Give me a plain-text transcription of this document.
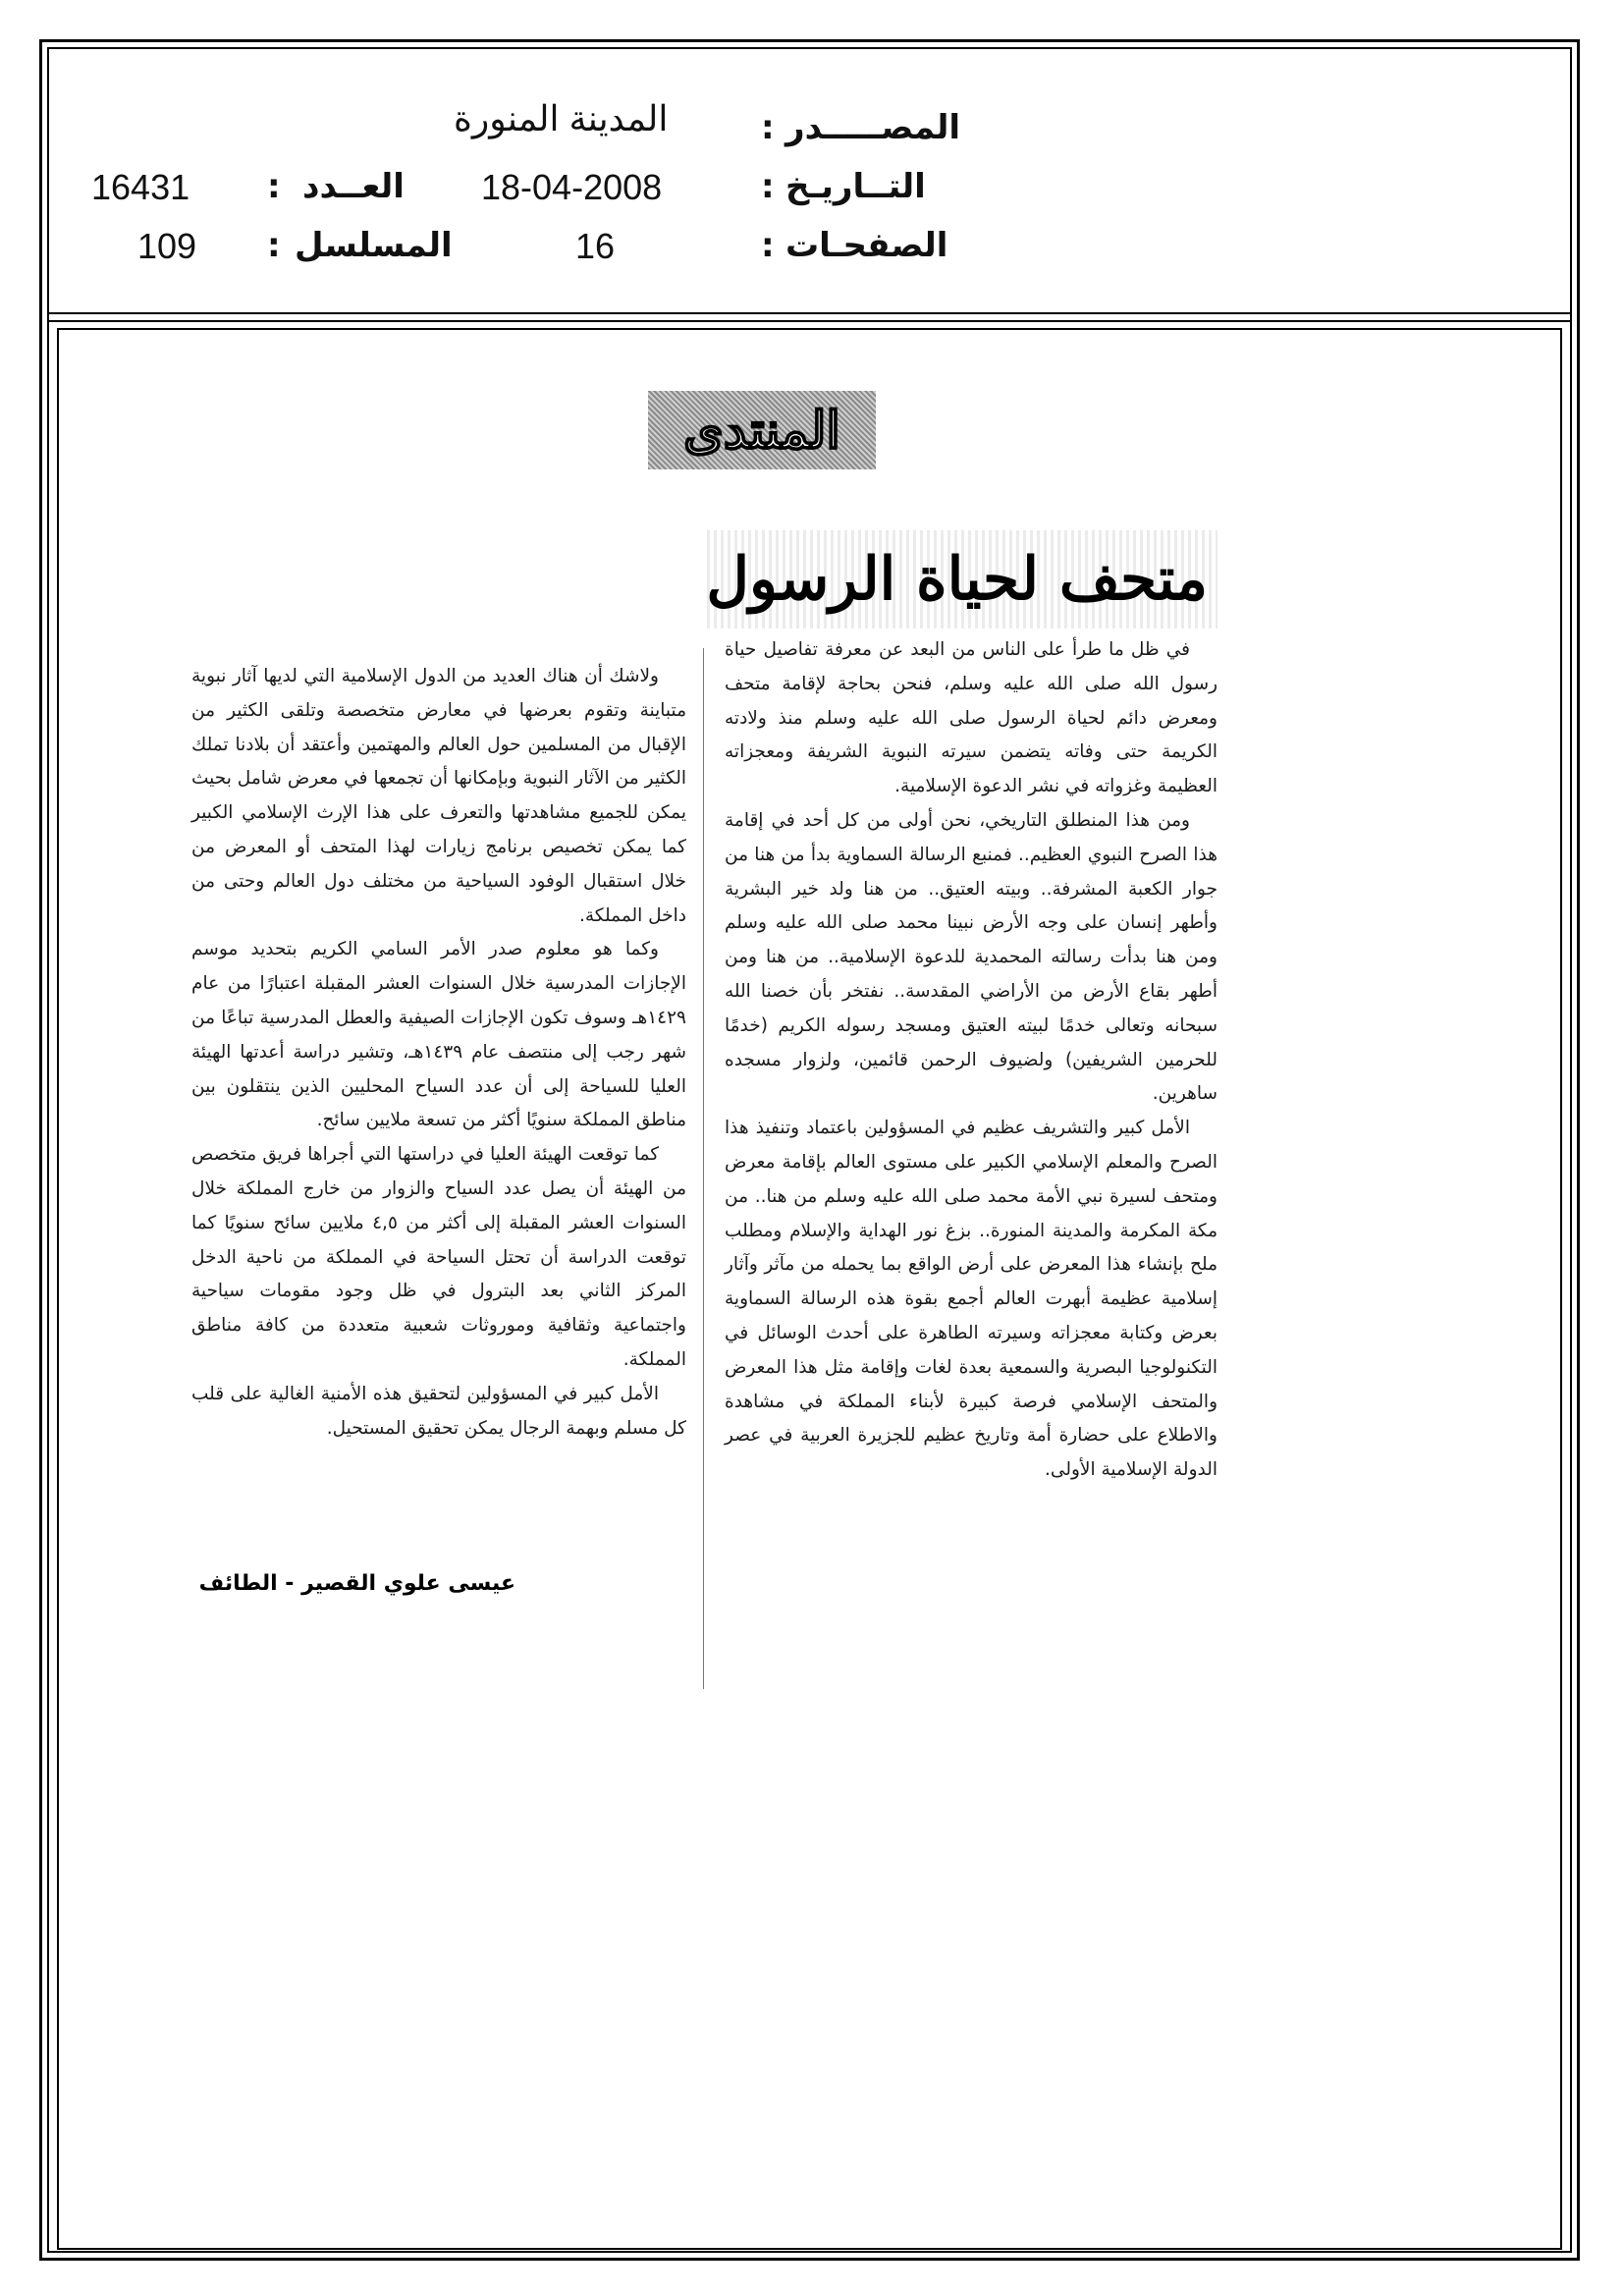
المصـــــدر
:
المدينة المنورة
التــاريـخ
:
18-04-2008
العــدد
:
16431
الصفحـات
:
16
المسلسل
:
109
المنتدى
متحف لحياة الرسول

في ظل ما طرأ على الناس من البعد عن معرفة تفاصيل حياة رسول الله صلى الله عليه وسلم، فنحن بحاجة لإقامة متحف ومعرض دائم لحياة الرسول صلى الله عليه وسلم منذ ولادته الكريمة حتى وفاته يتضمن سيرته النبوية الشريفة ومعجزاته العظيمة وغزواته في نشر الدعوة الإسلامية.

ومن هذا المنطلق التاريخي، نحن أولى من كل أحد في إقامة هذا الصرح النبوي العظيم.. فمنبع الرسالة السماوية بدأ من هنا من جوار الكعبة المشرفة.. وبيته العتيق.. من هنا ولد خير البشرية وأطهر إنسان على وجه الأرض نبينا محمد صلى الله عليه وسلم ومن هنا بدأت رسالته المحمدية للدعوة الإسلامية.. من هنا ومن أطهر بقاع الأرض من الأراضي المقدسة.. نفتخر بأن خصنا الله سبحانه وتعالى خدمًا لبيته العتيق ومسجد رسوله الكريم (خدمًا للحرمين الشريفين) ولضيوف الرحمن قائمين، ولزوار مسجده ساهرين.

الأمل كبير والتشريف عظيم في المسؤولين باعتماد وتنفيذ هذا الصرح والمعلم الإسلامي الكبير على مستوى العالم بإقامة معرض ومتحف لسيرة نبي الأمة محمد صلى الله عليه وسلم من هنا.. من مكة المكرمة والمدينة المنورة.. بزغ نور الهداية والإسلام ومطلب ملح بإنشاء هذا المعرض على أرض الواقع بما يحمله من مآثر وآثار إسلامية عظيمة أبهرت العالم أجمع بقوة هذه الرسالة السماوية بعرض وكتابة معجزاته وسيرته الطاهرة على أحدث الوسائل في التكنولوجيا البصرية والسمعية بعدة لغات وإقامة مثل هذا المعرض والمتحف الإسلامي فرصة كبيرة لأبناء المملكة في مشاهدة والاطلاع على حضارة أمة وتاريخ عظيم للجزيرة العربية في عصر الدولة الإسلامية الأولى.

ولاشك أن هناك العديد من الدول الإسلامية التي لديها آثار نبوية متباينة وتقوم بعرضها في معارض متخصصة وتلقى الكثير من الإقبال من المسلمين حول العالم والمهتمين وأعتقد أن بلادنا تملك الكثير من الآثار النبوية وبإمكانها أن تجمعها في معرض شامل بحيث يمكن للجميع مشاهدتها والتعرف على هذا الإرث الإسلامي الكبير كما يمكن تخصيص برنامج زيارات لهذا المتحف أو المعرض من خلال استقبال الوفود السياحية من مختلف دول العالم وحتى من داخل المملكة.

وكما هو معلوم صدر الأمر السامي الكريم بتحديد موسم الإجازات المدرسية خلال السنوات العشر المقبلة اعتبارًا من عام ١٤٢٩هـ وسوف تكون الإجازات الصيفية والعطل المدرسية تباعًا من شهر رجب إلى منتصف عام ١٤٣٩هـ، وتشير دراسة أعدتها الهيئة العليا للسياحة إلى أن عدد السياح المحليين الذين ينتقلون بين مناطق المملكة سنويًا أكثر من تسعة ملايين سائح.

كما توقعت الهيئة العليا في دراستها التي أجراها فريق متخصص من الهيئة أن يصل عدد السياح والزوار من خارج المملكة خلال السنوات العشر المقبلة إلى أكثر من ٤,٥ ملايين سائح سنويًا كما توقعت الدراسة أن تحتل السياحة في المملكة من ناحية الدخل المركز الثاني بعد البترول في ظل وجود مقومات سياحية واجتماعية وثقافية وموروثات شعبية متعددة من كافة مناطق المملكة.

الأمل كبير في المسؤولين لتحقيق هذه الأمنية الغالية على قلب كل مسلم وبهمة الرجال يمكن تحقيق المستحيل.

عيسى علوي القصير - الطائف
